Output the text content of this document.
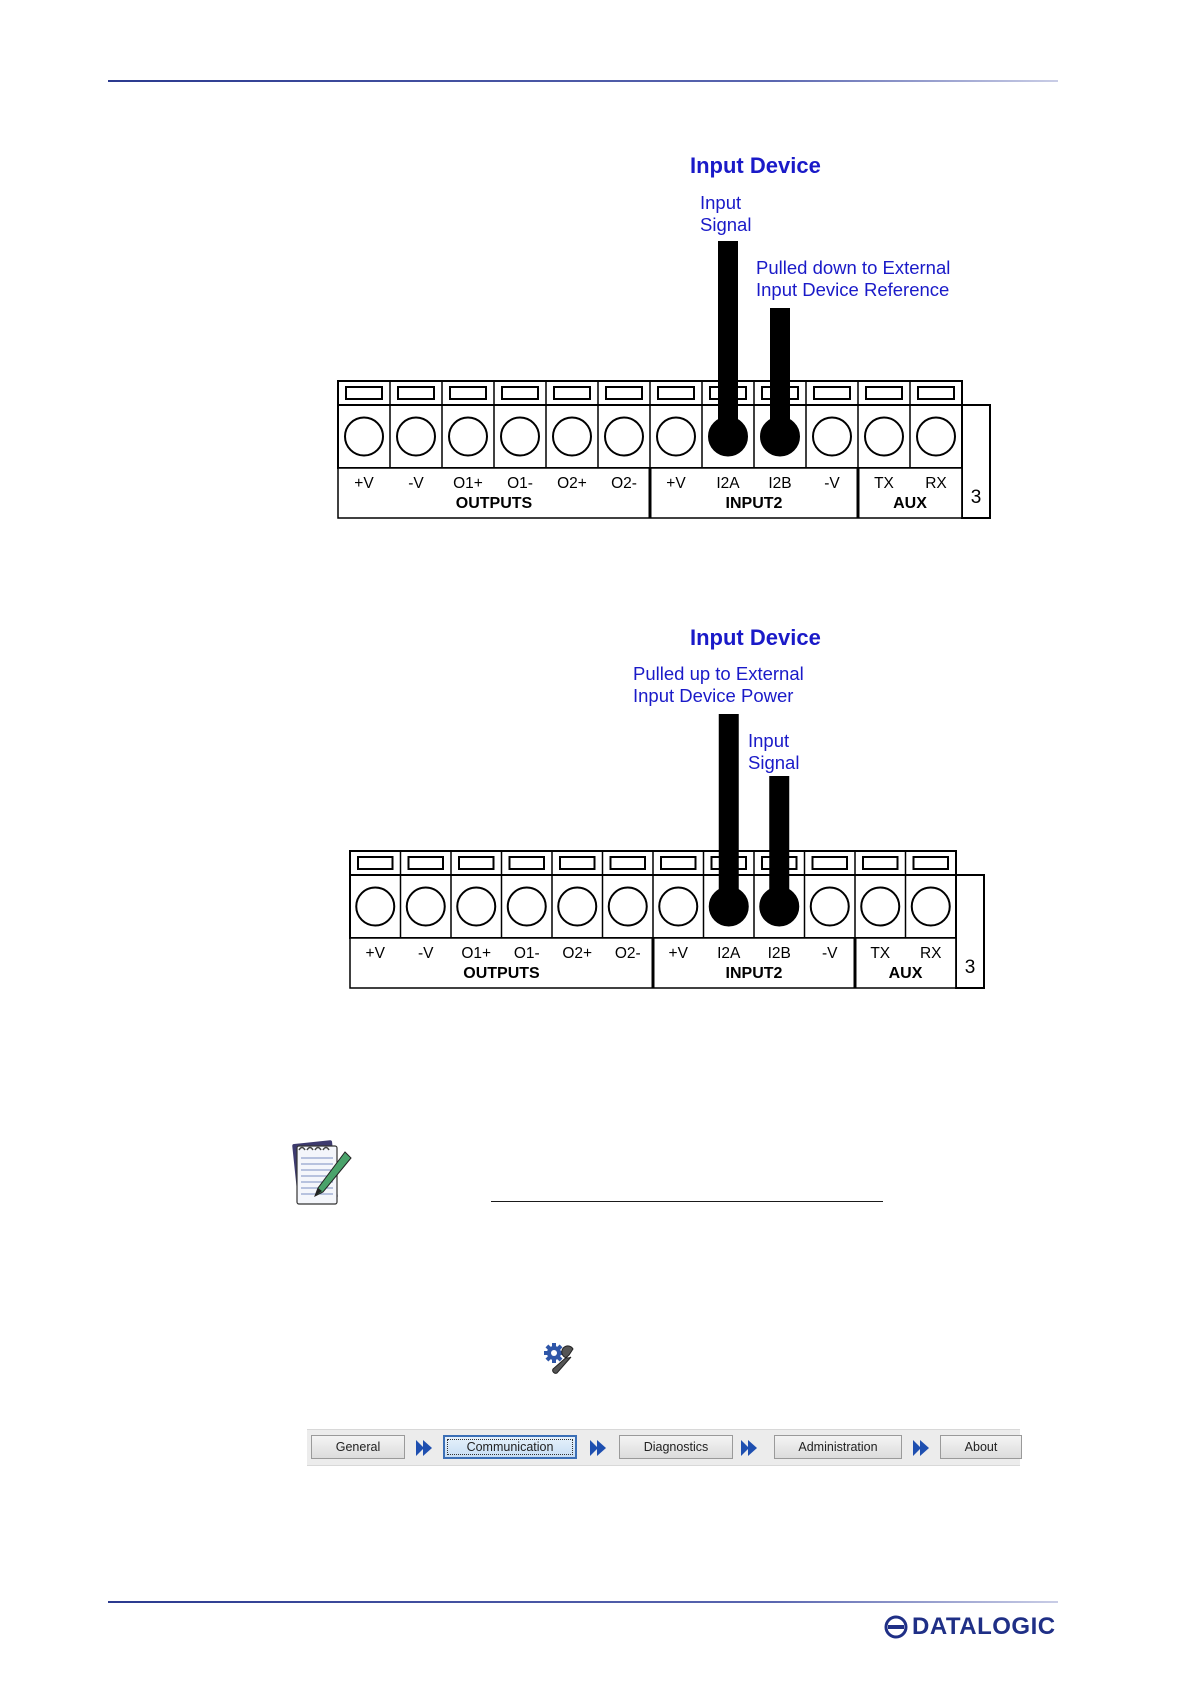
Input Device
Input
Signal
Pulled down to External
Input Device Reference
+V -V O1+ O1- O2+ O2- +V I2A I2B -V TX RX
OUTPUTS	INPUT2	AUX 3
Input Device
Pulled up to External
Input Device Power
Input
Signal
+V -V O1+ O1- O2+ O2- +V I2A I2B -V TX RX
OUTPUTS	INPUT2	AUX 3
General	Communication	Diagnostics	Administration	About
DATALOGIC
